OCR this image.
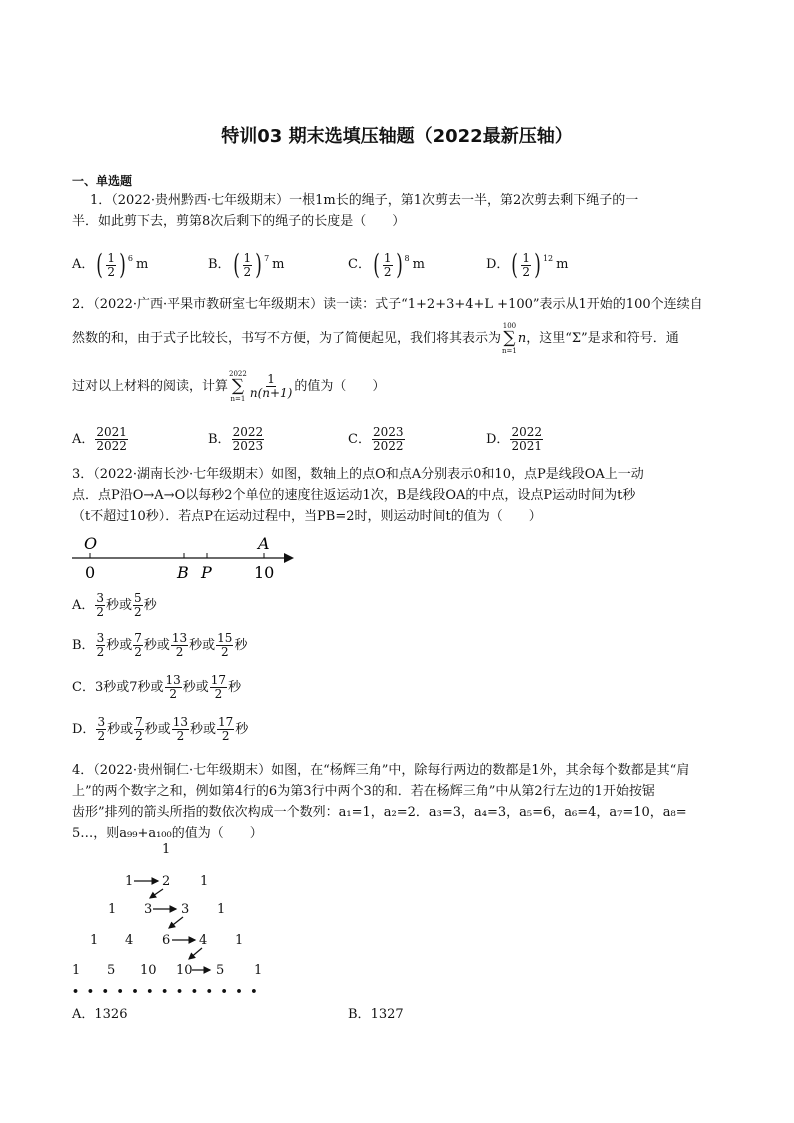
特训03 期末选填压轴题（2022最新压轴）
一、单选题
1．（2022·贵州黔西·七年级期末）一根1m长的绳子，第1次剪去一半，第2次剪去剩下绳子的一
半．如此剪下去，剪第8次后剩下的绳子的长度是（　　）
2．（2022·广西·平果市教研室七年级期末）读一读：式子“1+2+3+4+L +100”表示从1开始的100个连续自
然数的和，由于式子比较长，书写不方便，为了简便起见，我们将其表示为
100
∑
n=1
n ，这里“Σ”是求和符号．通
过对以上材料的阅读，计算
2022
∑
$n=1 \frac{1}{n(n+1)}$ 的值为（　　）
3．（2022·湖南长沙·七年级期末）如图，数轴上的点O和点A分别表示0和10，点P是线段OA上一动
点．点P沿O→A→O以每秒2个单位的速度往返运动1次，B是线段OA的中点，设点P运动时间为t秒
（t不超过10秒）．若点P在运动过程中，当PB=2时，则运动时间t的值为（　　）
O	A
0	B P	10
4．（2022·贵州铜仁·七年级期末）如图，在“杨辉三角”中，除每行两边的数都是1外，其余每个数都是其“肩
上”的两个数字之和，例如第4行的6为第3行中两个3的和．若在杨辉三角”中从第2行左边的1开始按锯
齿形”排列的箭头所指的数依次构成一个数列：a₁=1，a₂=2．a₃=3，a₄=3，a₅=6，a₆=4，a₇=10，a₈=
5…，则a₉₉+a₁₀₀的值为（　　）
1
1 2 1
1 3 3 1
1 4 6 4 1
1 5 10 10 5 1
• • • • • • • • • • • • •
A．1326	B．1327
A． ( $\frac{1}{2}$ ) 6 m	B． ( $\frac{1}{2}$ ) 7 m	C． ( $\frac{1}{2}$ ) 8 m	D． ( $\frac{1}{2}$ ) 12 m
A． $\frac{2021}{2022}$	B． $\frac{2022}{2023}$	C． $\frac{2023}{2022}$	D． $\frac{2022}{2021}$
A． $\frac{3}{2}$ 秒或 $\frac{5}{2}$ 秒
B． $\frac{3}{2}$ 秒或 $\frac{7}{2}$ 秒或 $\frac{13}{2}$ 秒或 $\frac{15}{2}$ 秒
C． 3秒或7秒或 $\frac{13}{2}$ 秒或 $\frac{17}{2}$ 秒
D． $\frac{3}{2}$ 秒或 $\frac{7}{2}$ 秒或 $\frac{13}{2}$ 秒或 $\frac{17}{2}$ 秒
